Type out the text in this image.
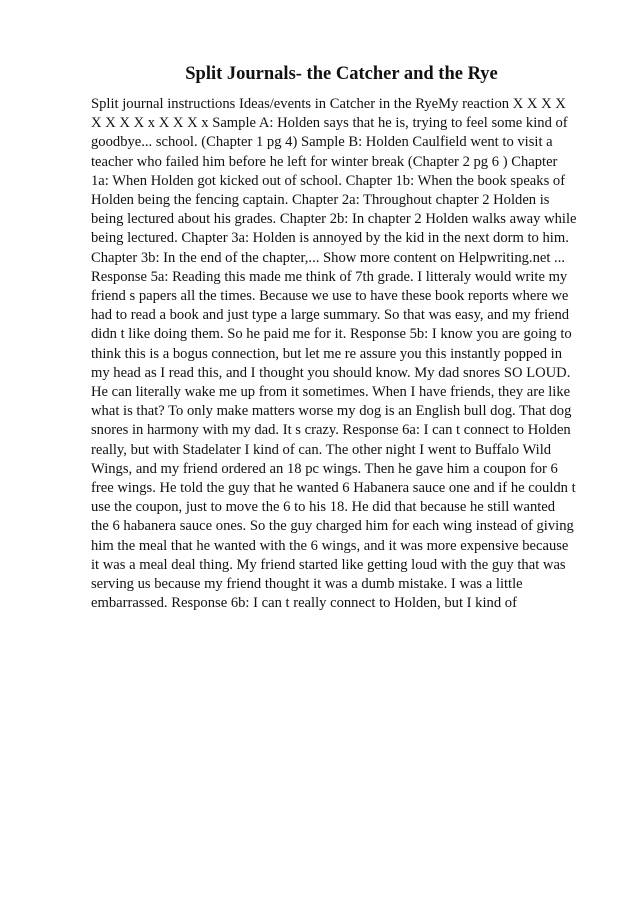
Split Journals- the Catcher and the Rye
Split journal instructions Ideas/events in Catcher in the RyeMy reaction X X X X
X X X X x X X X x Sample A: Holden says that he is, trying to feel some kind of
goodbye... school. (Chapter 1 pg 4) Sample B: Holden Caulfield went to visit a
teacher who failed him before he left for winter break (Chapter 2 pg 6 ) Chapter
1a: When Holden got kicked out of school. Chapter 1b: When the book speaks of
Holden being the fencing captain. Chapter 2a: Throughout chapter 2 Holden is
being lectured about his grades. Chapter 2b: In chapter 2 Holden walks away while
being lectured. Chapter 3a: Holden is annoyed by the kid in the next dorm to him.
Chapter 3b: In the end of the chapter,... Show more content on Helpwriting.net ...
Response 5a: Reading this made me think of 7th grade. I litteraly would write my
friend s papers all the times. Because we use to have these book reports where we
had to read a book and just type a large summary. So that was easy, and my friend
didn t like doing them. So he paid me for it. Response 5b: I know you are going to
think this is a bogus connection, but let me re assure you this instantly popped in
my head as I read this, and I thought you should know. My dad snores SO LOUD.
He can literally wake me up from it sometimes. When I have friends, they are like
what is that? To only make matters worse my dog is an English bull dog. That dog
snores in harmony with my dad. It s crazy. Response 6a: I can t connect to Holden
really, but with Stadelater I kind of can. The other night I went to Buffalo Wild
Wings, and my friend ordered an 18 pc wings. Then he gave him a coupon for 6
free wings. He told the guy that he wanted 6 Habanera sauce one and if he couldn t
use the coupon, just to move the 6 to his 18. He did that because he still wanted
the 6 habanera sauce ones. So the guy charged him for each wing instead of giving
him the meal that he wanted with the 6 wings, and it was more expensive because
it was a meal deal thing. My friend started like getting loud with the guy that was
serving us because my friend thought it was a dumb mistake. I was a little
embarrassed. Response 6b: I can t really connect to Holden, but I kind of
